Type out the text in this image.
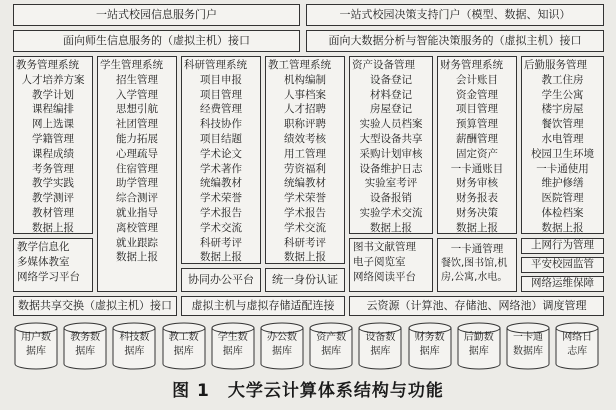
一站式校园信息服务门户	一站式校园决策支持门户（模型、数据、知识）
面向师生信息服务的（虚拟主机）接口	面向大数据分析与智能决策服务的（虚拟主机）接口
教务管理系统
人才培养方案
教学计划
课程编排
网上选课
学籍管理
课程成绩
考务管理
教学实践
教学测评
教材管理
数据上报
学生管理系统
招生管理
入学管理
思想引航
社团管理
能力拓展
心理疏导
住宿管理
助学管理
综合测评
就业指导
离校管理
就业跟踪
数据上报
科研管理系统
项目申报
项目管理
经费管理
科技协作
项目结题
学术论文
学术著作
统编教材
学术荣誉
学术报告
学术交流
科研考评
数据上报
教工管理系统
机构编制
人事档案
人才招聘
职称评聘
绩效考核
用工管理
劳资福利
统编教材
学术荣誉
学术报告
学术交流
科研考评
数据上报
资产设备管理
设备登记
材料登记
房屋登记
实验人员档案
大型设备共享
采购计划审核
设备维护日志
实验室考评
设备报销
实验学术交流
数据上报
财务管理系统
会计账目
资金管理
项目管理
预算管理
薪酬管理
固定资产
一卡通账目
财务审核
财务报表
财务决策
数据上报
后勤服务管理
教工住房
学生公寓
楼宇房屋
餐饮管理
水电管理
校园卫生环境
一卡通使用
维护修缮
医院管理
体检档案
数据上报
教学信息化
多媒体教室
网络学习平台	协同办公平台 统一身份认证
图书文献管理
电子阅览室
网络阅读平台
一卡通管理
餐饮,图书馆,机房,公寓,水电。
上网行为管理
平安校园监管
网络运维保障
数据共享交换（虚拟主机）接口 虚拟主机与虚拟存储适配连接	云资源（计算池、存储池、网络池）调度管理
用户数
据库
教务数
据库
科技数
据库
教工数
据库
学生数
据库
办公数
据库
资产数
据库
设备数
据库
财务数
据库
后勤数
据库
一卡通
数据库
网络日
志库
图 1　大学云计算体系结构与功能
